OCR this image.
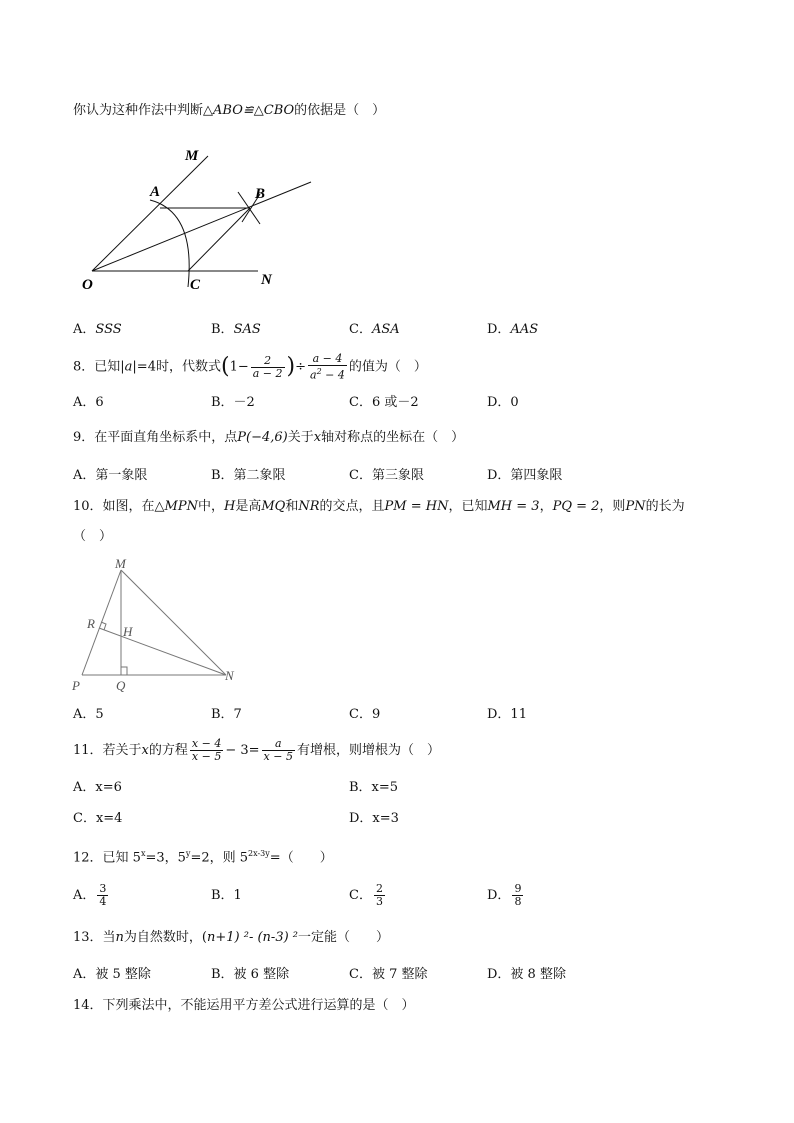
你认为这种作法中判断△ABO≌△CBO的依据是（　）
M
A	B
O	C	N
A．SSS	B．SAS	C．ASA	D．AAS
8．已知|a|=4时，代数式($1- \frac{2}{a - 2}$ )÷ $\frac{a - 4}{a^2 - 4}$ 的值为（　）
A．6	B．－2	C．6 或－2	D．0
9．在平面直角坐标系中，点P(−4,6)关于x轴对称点的坐标在（　）
A．第一象限	B．第二象限	C．第三象限	D．第四象限
10．如图，在△MPN中，H是高MQ和NR的交点，且PM = HN，已知MH = 3，PQ = 2，则PN的长为
（　）
M
R
H
P	Q
N
A．5	B．7	C．9	D．11
11．若关于x的方程 $\frac{x - 4}{x - 5} - 3= \frac{a}{x - 5}$ 有增根，则增根为（　）
A．x=6	B．x=5
C．x=4	D．x=3
12．已知 $5^x=3$，$5^y=2$，则 $5^{2x-3y}=$（　　）
A． $\frac{3}{4}$	B．1	C． $\frac{2}{3}$	D． $\frac{9}{8}$
13．当n为自然数时，(n+1) ²- (n-3) ²一定能（　　）
A．被 5 整除	B．被 6 整除	C．被 7 整除	D．被 8 整除
14．下列乘法中，不能运用平方差公式进行运算的是（　）
